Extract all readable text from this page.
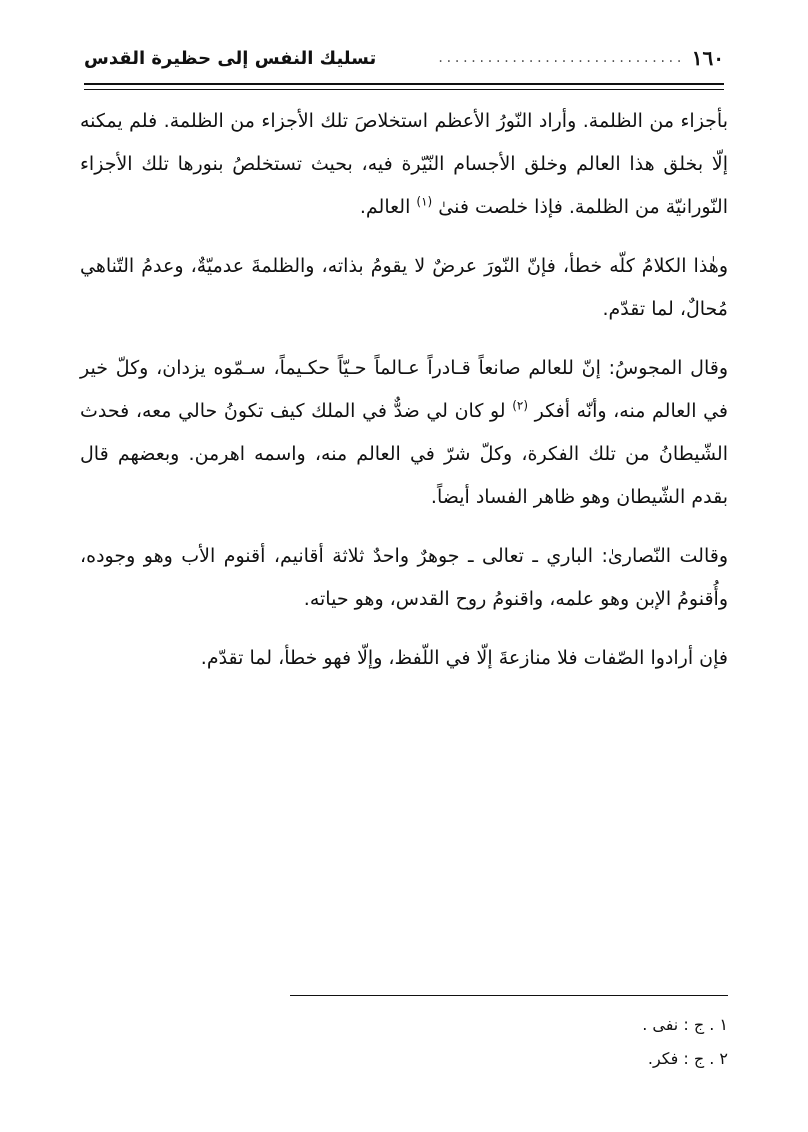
١٦٠
..............................
تسليك النفس إلى حظيرة القدس

بأجزاء من الظلمة. وأراد النّورُ الأعظم استخلاصَ تلك الأجزاء من الظلمة. فلم يمكنه إلّا بخلق هذا العالم وخلق الأجسام النّيّرة فيه، بحيث تستخلصُ بنورها تلك الأجزاء النّورانيّة من الظلمة. فإذا خلصت فنىٰ $^{(١)}$ العالم.

وهٰذا الكلامُ كلّه خطأ، فإنّ النّورَ عرضٌ لا يقومُ بذاته، والظلمةَ عدميّةٌ، وعدمُ التّناهي مُحالٌ، لما تقدّم.

وقال المجوسُ: إنّ للعالم صانعاً قـادراً عـالماً حـيّاً حكـيماً، سـمّوه يزدان، وكلّ خير في العالم منه، وأنّه أفكر $^{(٢)}$ لو كان لي ضدٌّ في الملك كيف تكونُ حالي معه، فحدث الشّيطانُ من تلك الفكرة، وكلّ شرّ في العالم منه، واسمه اهرمن. وبعضهم قال بقدم الشّيطان وهو ظاهر الفساد أيضاً.

وقالت النّصارىٰ: الباري ـ تعالى ـ جوهرٌ واحدٌ ثلاثة أقانيم، أقنوم الأب وهو وجوده، وأُقنومُ الإبن وهو علمه، واقنومُ روح القدس، وهو حياته.

فإن أرادوا الصّفات فلا منازعةَ إلّا في اللّفظ، وإلّا فهو خطأ، لما تقدّم.

١ . ج : نفى .
٢ . ج : فكر.
